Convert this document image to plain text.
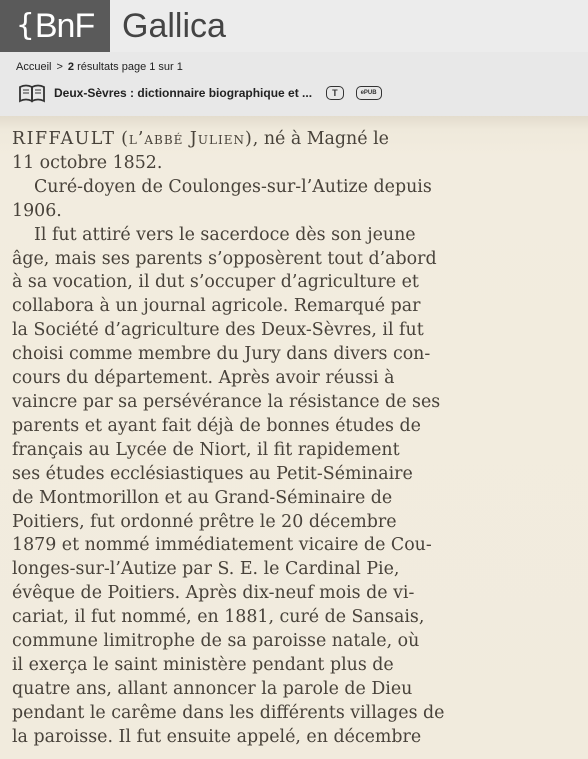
{ BnF Gallica
Accueil > 2 résultats page 1 sur 1
Deux-Sèvres : dictionnaire biographique et ...	T	ePUB
RIFFAULT (l’abbé Julien), né à Magné le
11 octobre 1852.
Curé-doyen de Coulonges-sur-l’Autize depuis
1906.
Il fut attiré vers le sacerdoce dès son jeune
âge, mais ses parents s’opposèrent tout d’abord
à sa vocation, il dut s’occuper d’agriculture et
collabora à un journal agricole. Remarqué par
la Société d’agriculture des Deux-Sèvres, il fut
choisi comme membre du Jury dans divers con-
cours du département. Après avoir réussi à
vaincre par sa persévérance la résistance de ses
parents et ayant fait déjà de bonnes études de
français au Lycée de Niort, il fit rapidement
ses études ecclésiastiques au Petit-Séminaire
de Montmorillon et au Grand-Séminaire de
Poitiers, fut ordonné prêtre le 20 décembre
1879 et nommé immédiatement vicaire de Cou-
longes-sur-l’Autize par S. E. le Cardinal Pie,
évêque de Poitiers. Après dix-neuf mois de vi-
cariat, il fut nommé, en 1881, curé de Sansais,
commune limitrophe de sa paroisse natale, où
il exerça le saint ministère pendant plus de
quatre ans, allant annoncer la parole de Dieu
pendant le carême dans les différents villages de
la paroisse. Il fut ensuite appelé, en décembre
